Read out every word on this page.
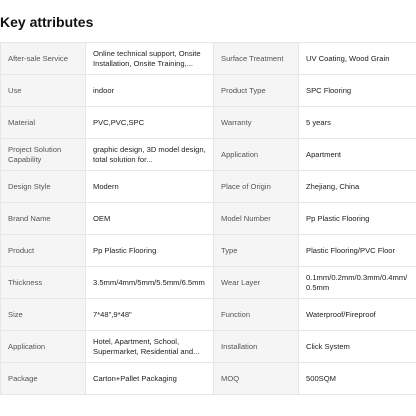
Key attributes
After-sale Service	Online technical support, Onsite Installation, Onsite Training,...	Surface Treatment	UV Coating, Wood Grain
Use	indoor	Product Type	SPC Flooring
Material	PVC,PVC,SPC	Warranty	5 years
Project Solution Capability	graphic design, 3D model design, total solution for...	Application	Apartment
Design Style	Modern	Place of Origin	Zhejiang, China
Brand Name	OEM	Model Number	Pp Plastic Flooring
Product	Pp Plastic Flooring	Type	Plastic Flooring/PVC Floor
Thickness	3.5mm/4mm/5mm/5.5mm/6.5mm	Wear Layer	0.1mm/0.2mm/0.3mm/0.4mm/0.5mm
Size	7*48",9*48"	Function	Waterproof/Fireproof
Application	Hotel, Apartment, School, Supermarket, Residential and...	Installation	Click System
Package	Carton+Pallet Packaging	MOQ	500SQM
